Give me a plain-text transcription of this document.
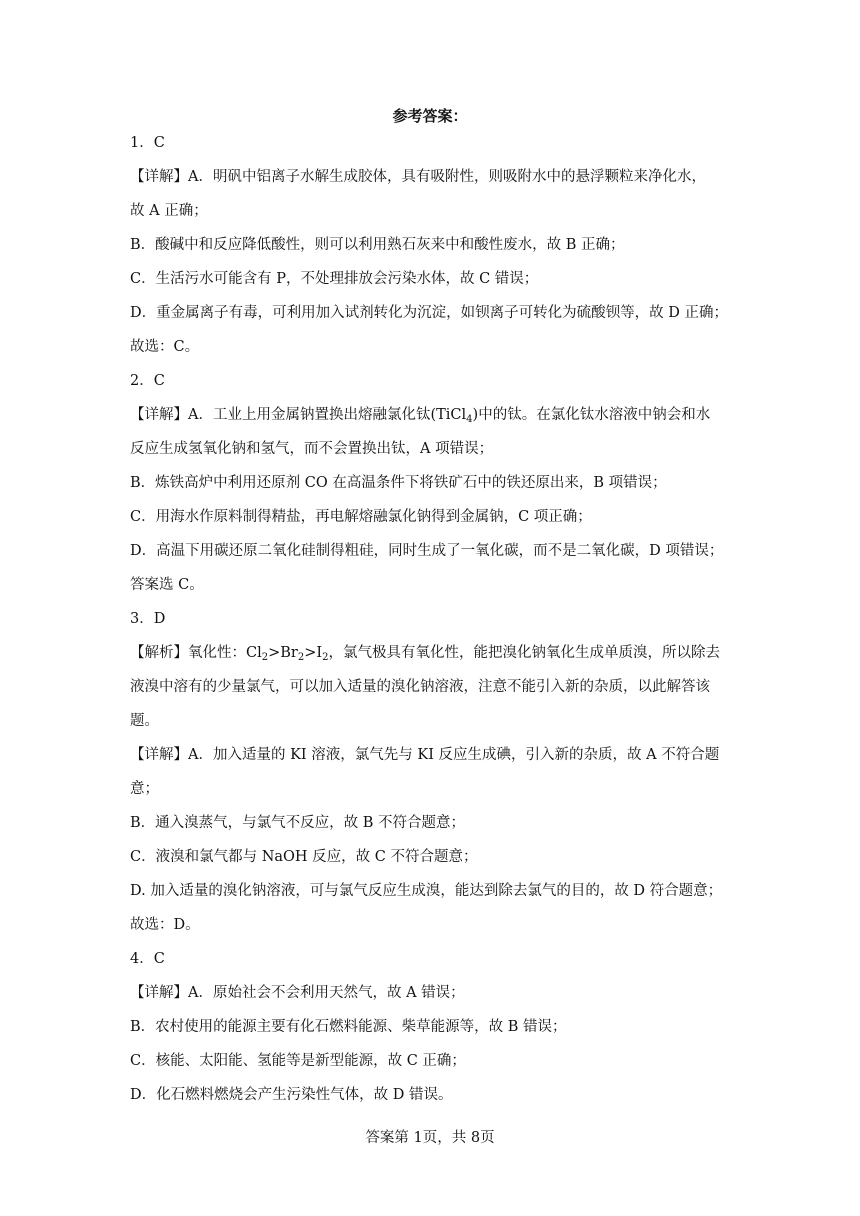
参考答案：
1．C
【详解】A．明矾中铝离子水解生成胶体，具有吸附性，则吸附水中的悬浮颗粒来净化水，
故 A 正确；
B．酸碱中和反应降低酸性，则可以利用熟石灰来中和酸性废水，故 B 正确；
C．生活污水可能含有 P，不处理排放会污染水体，故 C 错误；
D．重金属离子有毒，可利用加入试剂转化为沉淀，如钡离子可转化为硫酸钡等，故 D 正确；
故选：C。
2．C
【详解】A．工业上用金属钠置换出熔融氯化钛(TiCl$_4$)中的钛。在氯化钛水溶液中钠会和水
反应生成氢氧化钠和氢气，而不会置换出钛，A 项错误；
B．炼铁高炉中利用还原剂 CO 在高温条件下将铁矿石中的铁还原出来，B 项错误；
C．用海水作原料制得精盐，再电解熔融氯化钠得到金属钠，C 项正确；
D．高温下用碳还原二氧化硅制得粗硅，同时生成了一氧化碳，而不是二氧化碳，D 项错误；
答案选 C。
3．D
【解析】氧化性：$Cl_2>Br_2>I_2$，氯气极具有氧化性，能把溴化钠氧化生成单质溴，所以除去
液溴中溶有的少量氯气，可以加入适量的溴化钠溶液，注意不能引入新的杂质，以此解答该
题。
【详解】A．加入适量的 KI 溶液，氯气先与 KI 反应生成碘，引入新的杂质，故 A 不符合题
意；
B．通入溴蒸气，与氯气不反应，故 B 不符合题意；
C．液溴和氯气都与 NaOH 反应，故 C 不符合题意；
D. 加入适量的溴化钠溶液，可与氯气反应生成溴，能达到除去氯气的目的，故 D 符合题意；
故选：D。
4．C
【详解】A．原始社会不会利用天然气，故 A 错误；
B．农村使用的能源主要有化石燃料能源、柴草能源等，故 B 错误；
C．核能、太阳能、氢能等是新型能源，故 C 正确；
D．化石燃料燃烧会产生污染性气体，故 D 错误。
答案第 1页，共 8页
